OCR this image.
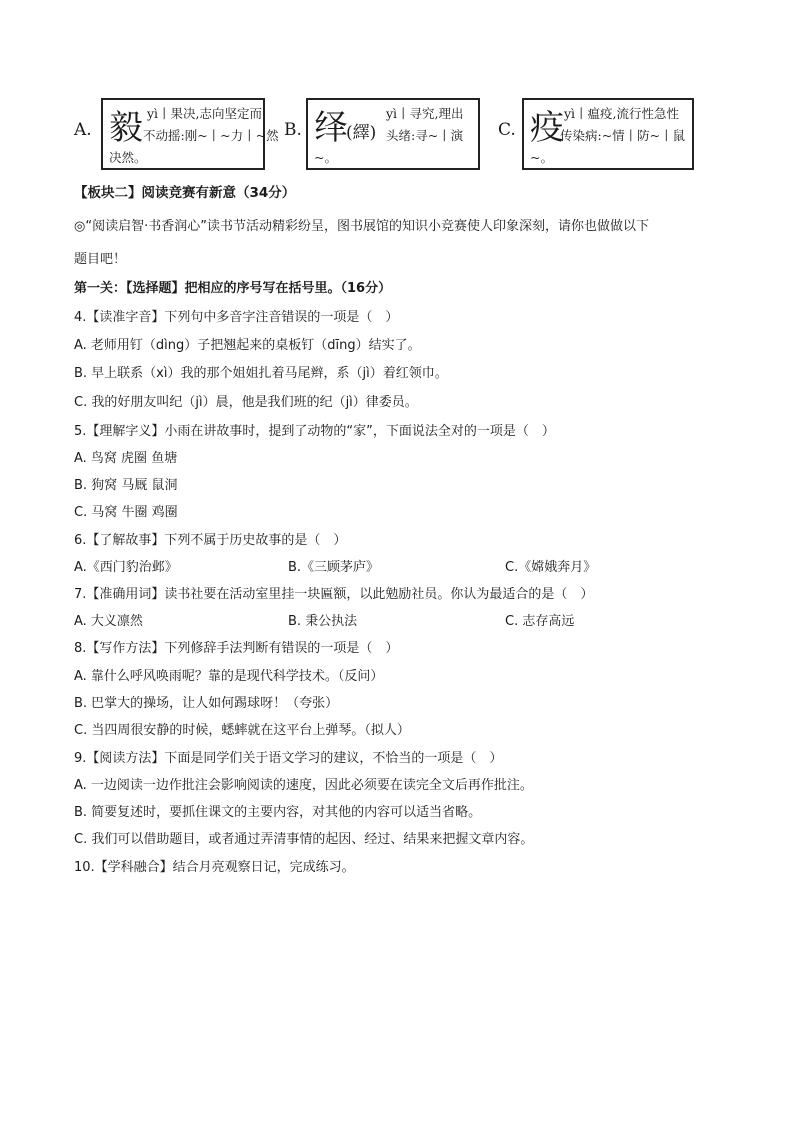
A. 毅 yì丨果决,志向坚定而
不动摇:刚~丨~力丨~然
决然。
B. 绎
(繹)
yì丨寻究,理出
头绪:寻~丨演
~。
C. 疫 yì丨瘟疫,流行性急性
传染病:~情丨防~丨鼠
~。
【板块二】阅读竞赛有新意（34分）
◎“阅读启智·书香润心”读书节活动精彩纷呈，图书展馆的知识小竞赛使人印象深刻，请你也做做以下
题目吧！
第一关：【选择题】把相应的序号写在括号里。（16分）
4.【读准字音】下列句中多音字注音错误的一项是（　）
A. 老师用钉（dìng）子把翘起来的桌板钉（dīng）结实了。
B. 早上联系（xì）我的那个姐姐扎着马尾辫，系（jì）着红领巾。
C. 我的好朋友叫纪（jì）晨，他是我们班的纪（jì）律委员。
5.【理解字义】小雨在讲故事时，提到了动物的“家”，下面说法全对的一项是（　）
A. 鸟窝 虎圈 鱼塘
B. 狗窝 马厩 鼠洞
C. 马窝 牛圈 鸡圈
6.【了解故事】下列不属于历史故事的是（　）
A.《西门豹治邺》	B.《三顾茅庐》	C.《嫦娥奔月》
7.【准确用词】读书社要在活动室里挂一块匾额，以此勉励社员。你认为最适合的是（　）
A. 大义凛然	B. 秉公执法	C. 志存高远
8.【写作方法】下列修辞手法判断有错误的一项是（　）
A. 靠什么呼风唤雨呢？靠的是现代科学技术。（反问）
B. 巴掌大的操场，让人如何踢球呀！（夸张）
C. 当四周很安静的时候，蟋蟀就在这平台上弹琴。（拟人）
9.【阅读方法】下面是同学们关于语文学习的建议，不恰当的一项是（　）
A. 一边阅读一边作批注会影响阅读的速度，因此必须要在读完全文后再作批注。
B. 简要复述时，要抓住课文的主要内容，对其他的内容可以适当省略。
C. 我们可以借助题目，或者通过弄清事情的起因、经过、结果来把握文章内容。
10.【学科融合】结合月亮观察日记，完成练习。
